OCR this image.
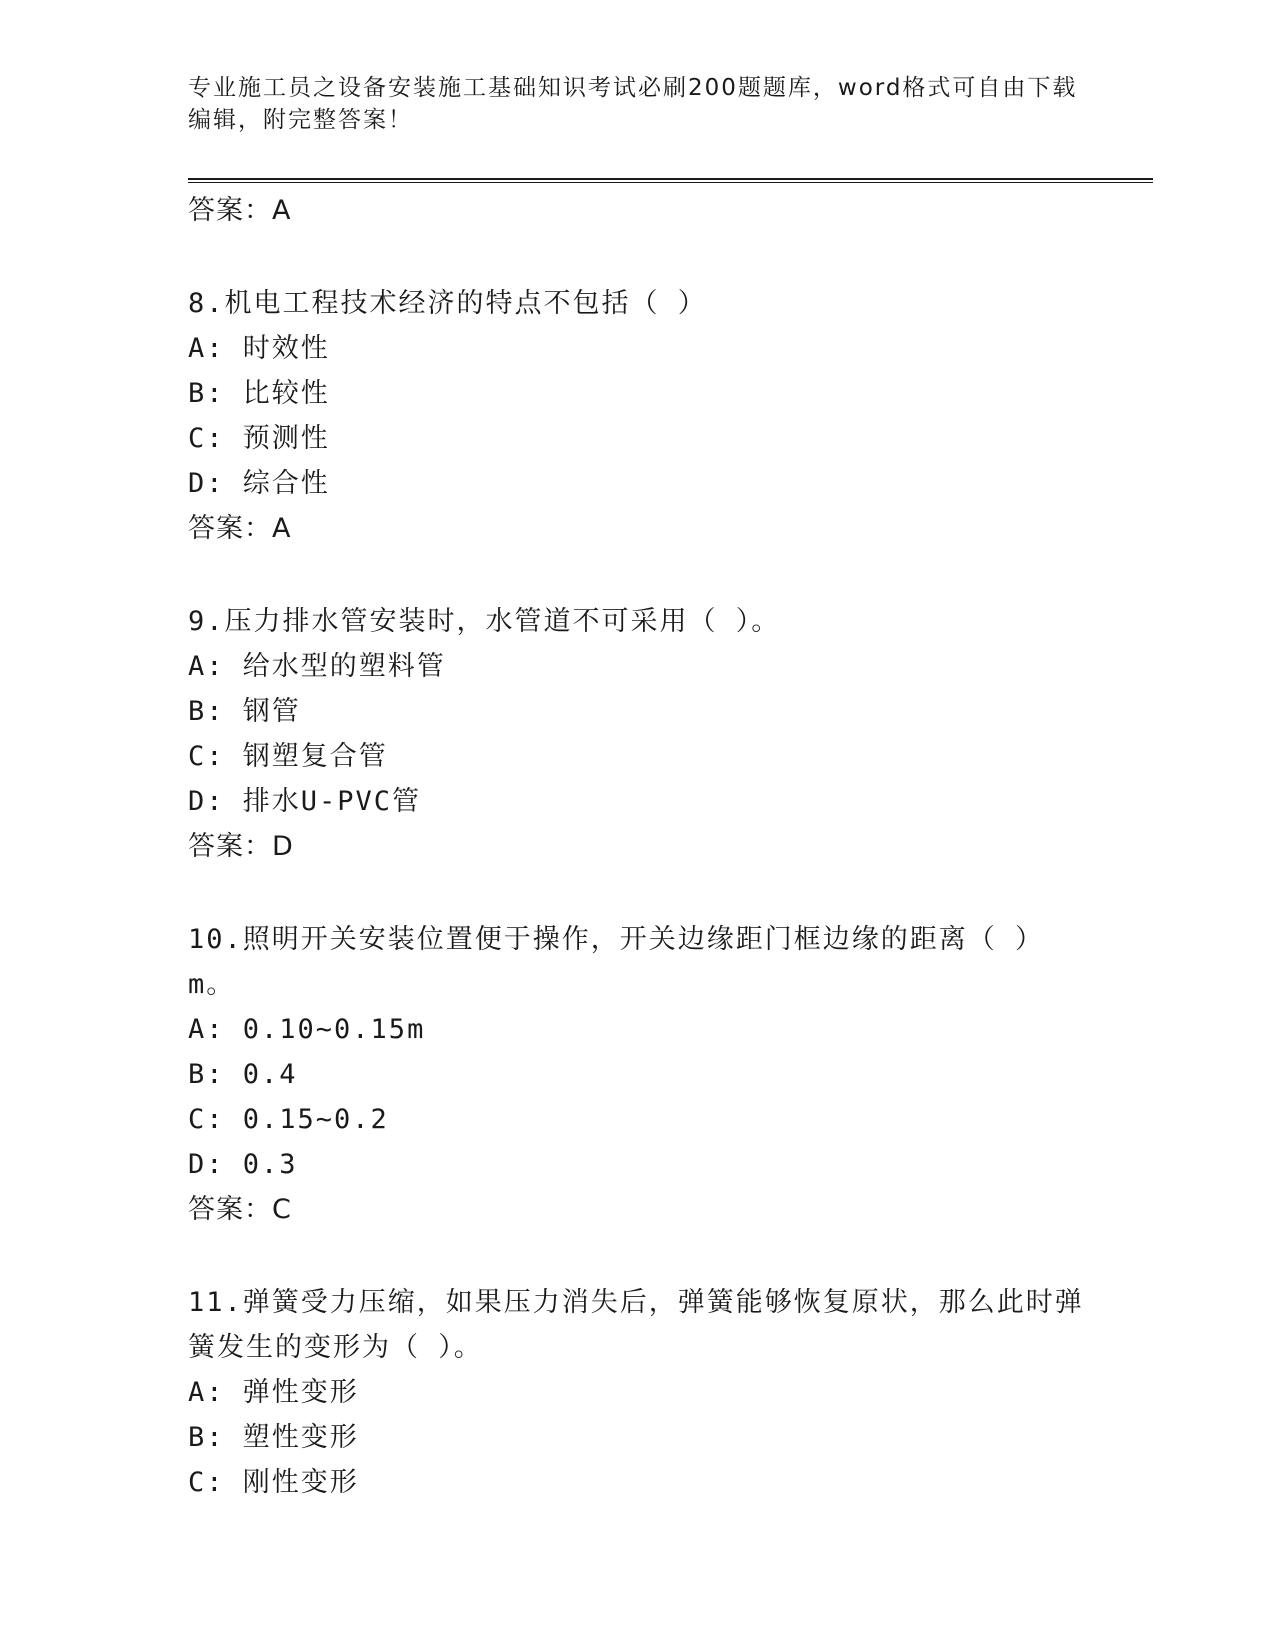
专业施工员之设备安装施工基础知识考试必刷200题题库，word格式可自由下载
编辑，附完整答案！
答案：A
8.机电工程技术经济的特点不包括（ ）
A: 时效性
B: 比较性
C: 预测性
D: 综合性
答案：A
9.压力排水管安装时，水管道不可采用（ ）。
A: 给水型的塑料管
B: 钢管
C: 钢塑复合管
D: 排水U-PVC管
答案：D
10.照明开关安装位置便于操作，开关边缘距门框边缘的距离（ ）m。
A: 0.10~0.15m
B: 0.4
C: 0.15~0.2
D: 0.3
答案：C
11.弹簧受力压缩，如果压力消失后，弹簧能够恢复原状，那么此时弹
簧发生的变形为（ ）。
A: 弹性变形
B: 塑性变形
C: 刚性变形
